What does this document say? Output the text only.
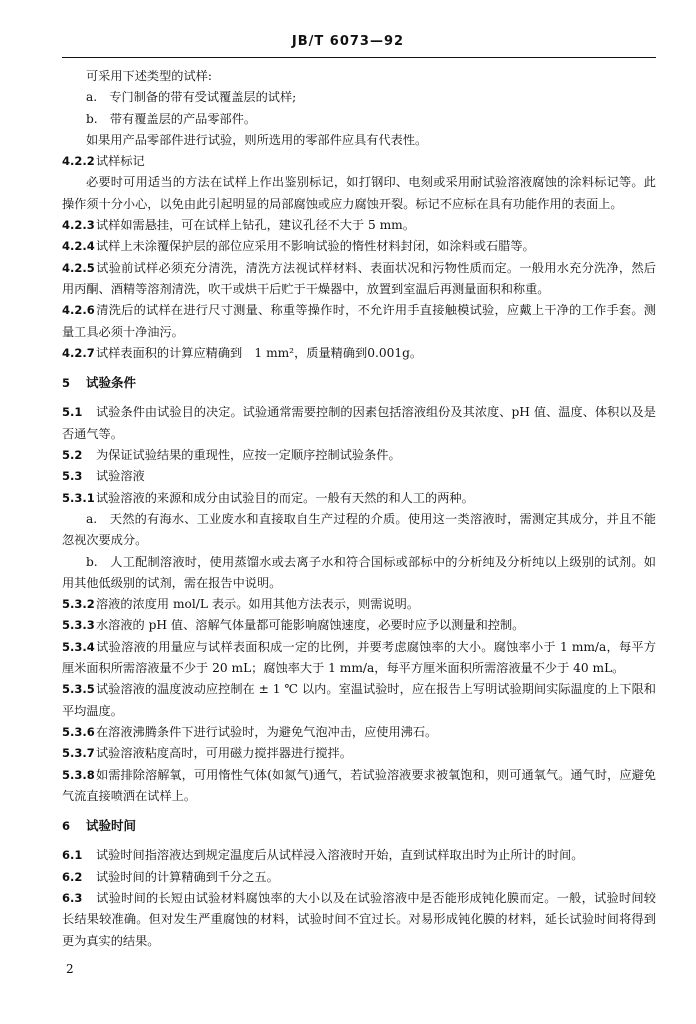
JB/T 6073—92

可采用下述类型的试样:

a.　专门制备的带有受试覆盖层的试样;

b.　带有覆盖层的产品零部件。

如果用产品零部件进行试验，则所选用的零部件应具有代表性。

4.2.2试样标记

必要时可用适当的方法在试样上作出鉴别标记，如打钢印、电刻或采用耐试验溶液腐蚀的涂料标记等。此操作须十分小心，以免由此引起明显的局部腐蚀或应力腐蚀开裂。标记不应标在具有功能作用的表面上。

4.2.3试样如需悬挂，可在试样上钻孔，建议孔径不大于 5 mm。

4.2.4试样上未涂覆保护层的部位应采用不影响试验的惰性材料封闭，如涂料或石腊等。

4.2.5试验前试样必须充分清洗，清洗方法视试样材料、表面状况和污物性质而定。一般用水充分洗净，然后用丙酮、酒精等溶剂清洗，吹干或烘干后贮于干燥器中，放置到室温后再测量面积和称重。

4.2.6清洗后的试样在进行尺寸测量、称重等操作时，不允许用手直接触模试验，应戴上干净的工作手套。测量工具必须十净油污。

4.2.7试样表面积的计算应精确到　1 mm²，质量精确到0.001g。

5 试验条件

5.1 试验条件由试验目的决定。试验通常需要控制的因素包括溶液组份及其浓度、pH 值、温度、体积以及是否通气等。

5.2 为保证试验结果的重现性，应按一定顺序控制试验条件。

5.3 试验溶液

5.3.1试验溶液的来源和成分由试验目的而定。一般有天然的和人工的两种。

a.　天然的有海水、工业废水和直接取自生产过程的介质。使用这一类溶液时，需测定其成分，并且不能忽视次要成分。

b.　人工配制溶液时，使用蒸馏水或去离子水和符合国标或部标中的分析纯及分析纯以上级别的试剂。如用其他低级别的试剂，需在报告中说明。

5.3.2溶液的浓度用 mol/L 表示。如用其他方法表示，则需说明。

5.3.3水溶液的 pH 值、溶解气体量都可能影响腐蚀速度，必要时应予以测量和控制。

5.3.4试验溶液的用量应与试样表面积成一定的比例，并要考虑腐蚀率的大小。腐蚀率小于 1 mm/a，每平方厘米面积所需溶液量不少于 20 mL；腐蚀率大于 1 mm/a，每平方厘米面积所需溶液量不少于 40 mL。

5.3.5试验溶液的温度波动应控制在 ± 1 ℃ 以内。室温试验时，应在报告上写明试验期间实际温度的上下限和平均温度。

5.3.6在溶液沸腾条件下进行试验时，为避免气泡冲击，应使用沸石。

5.3.7试验溶液粘度高时，可用磁力搅拌器进行搅拌。

5.3.8如需排除溶解氧，可用惰性气体(如氮气)通气，若试验溶液要求被氧饱和，则可通氧气。通气时，应避免气流直接喷洒在试样上。

6 试验时间

6.1 试验时间指溶液达到规定温度后从试样浸入溶液时开始，直到试样取出时为止所计的时间。

6.2 试验时间的计算精确到千分之五。

6.3 试验时间的长短由试验材料腐蚀率的大小以及在试验溶液中是否能形成钝化膜而定。一般，试验时间较长结果较准确。但对发生严重腐蚀的材料，试验时间不宜过长。对易形成钝化膜的材料，延长试验时间将得到更为真实的结果。

2
